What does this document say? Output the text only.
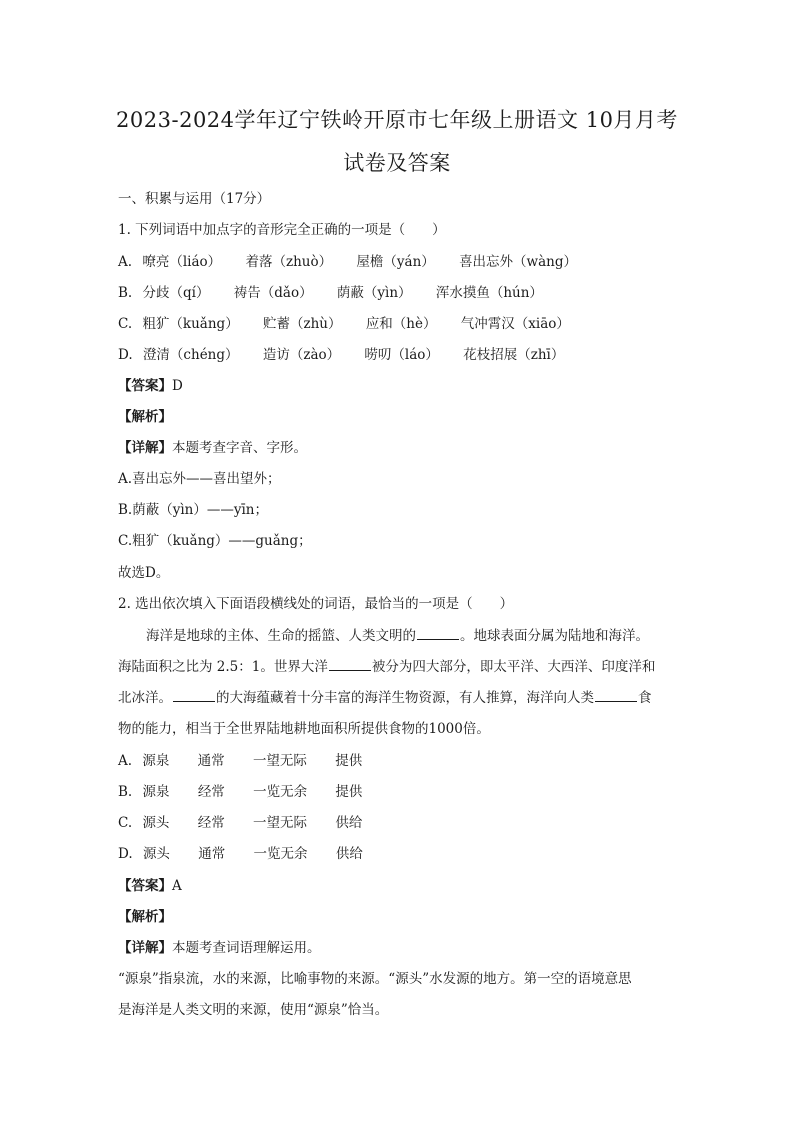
2023-2024学年辽宁铁岭开原市七年级上册语文 10月月考
试卷及答案
一、积累与运用（17分）
1. 下列词语中加点字的音形完全正确的一项是（　　）
A. 嘹亮（liáo） 着落（zhuò） 屋檐（yán） 喜出忘外（wàng）
B. 分歧（qí） 祷告（dǎo） 荫蔽（yìn） 浑水摸鱼（hún）
C. 粗犷（kuǎng） 贮蓄（zhù） 应和（hè） 气冲霄汉（xiāo）
D. 澄清（chéng） 造访（zào） 唠叨（láo） 花枝招展（zhī）
【答案】D
【解析】
【详解】本题考查字音、字形。
A.喜出忘外——喜出望外；
B.荫蔽（yìn）——yīn；
C.粗犷（kuǎng）——guǎng；
故选D。
2. 选出依次填入下面语段横线处的词语，最恰当的一项是（　　）
海洋是地球的主体、生命的摇篮、人类文明的	。地球表面分属为陆地和海洋。
海陆面积之比为 2.5：1。世界大洋	被分为四大部分，即太平洋、大西洋、印度洋和
北冰洋。	的大海蕴藏着十分丰富的海洋生物资源，有人推算，海洋向人类	食
物的能力，相当于全世界陆地耕地面积所提供食物的1000倍。
A. 源泉 通常 一望无际 提供
B. 源泉 经常 一览无余 提供
C. 源头 经常 一望无际 供给
D. 源头 通常 一览无余 供给
【答案】A
【解析】
【详解】本题考查词语理解运用。
“源泉”指泉流，水的来源，比喻事物的来源。“源头”水发源的地方。第一空的语境意思
是海洋是人类文明的来源，使用“源泉”恰当。
